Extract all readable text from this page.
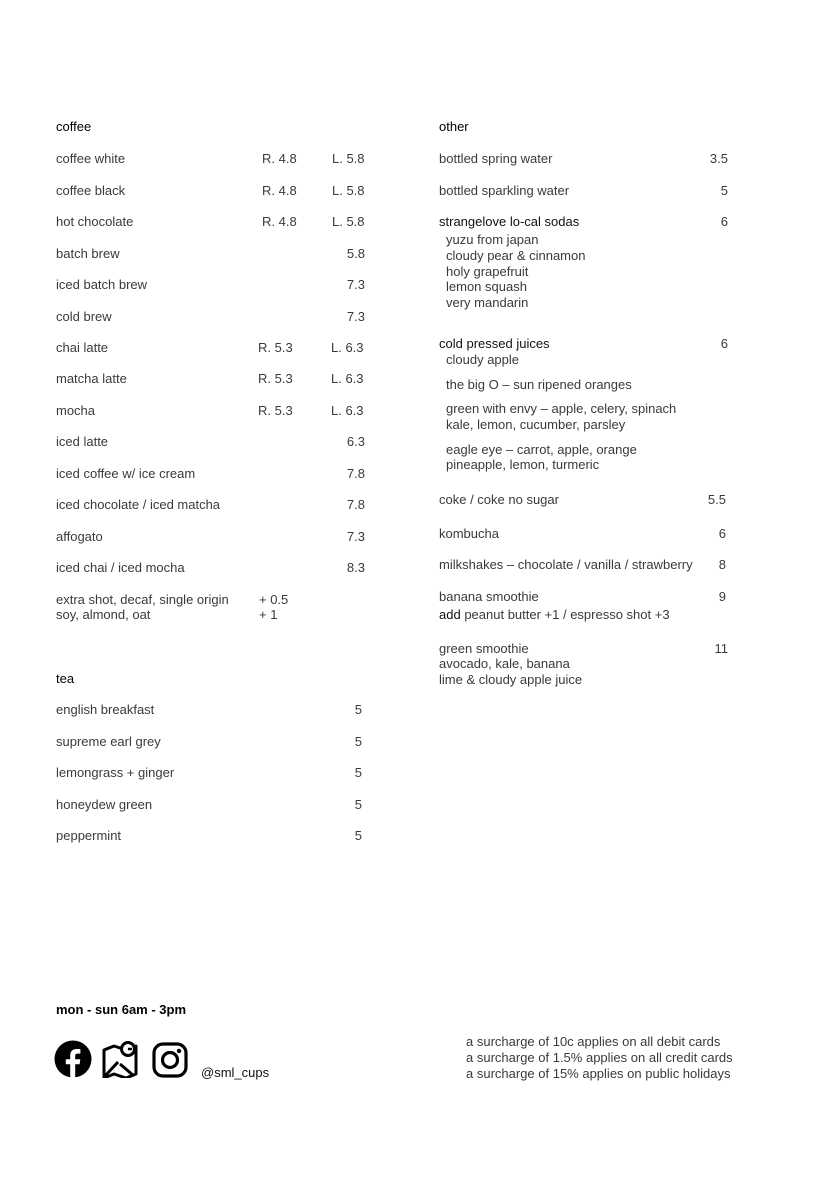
coffee
coffee white	R. 4.8	L. 5.8
coffee black	R. 4.8	L. 5.8
hot chocolate	R. 4.8	L. 5.8
batch brew	5.8
iced batch brew	7.3
cold brew	7.3
chai latte	R. 5.3	L. 6.3
matcha latte	R. 5.3	L. 6.3
mocha	R. 5.3	L. 6.3
iced latte	6.3
iced coffee w/ ice cream	7.8
iced chocolate / iced matcha	7.8
affogato	7.3
iced chai / iced mocha	8.3
extra shot, decaf, single origin + 0.5
soy, almond, oat	+ 1
tea
english breakfast	5
supreme earl grey	5
lemongrass + ginger	5
honeydew green	5
peppermint	5
other
bottled spring water	3.5
bottled sparkling water	5
strangelove lo-cal sodas	6
yuzu from japan
cloudy pear & cinnamon
holy grapefruit
lemon squash
very mandarin
cold pressed juices	6
cloudy apple
the big O – sun ripened oranges
green with envy – apple, celery, spinach
kale, lemon, cucumber, parsley
eagle eye – carrot, apple, orange
pineapple, lemon, turmeric
coke / coke no sugar	5.5
kombucha	6
milkshakes – chocolate / vanilla / strawberry	8
banana smoothie	9
add peanut butter +1 / espresso shot +3
green smoothie	11
avocado, kale, banana
lime & cloudy apple juice
mon - sun 6am - 3pm
@sml_cups
a surcharge of 10c applies on all debit cards
a surcharge of 1.5% applies on all credit cards
a surcharge of 15% applies on public holidays
